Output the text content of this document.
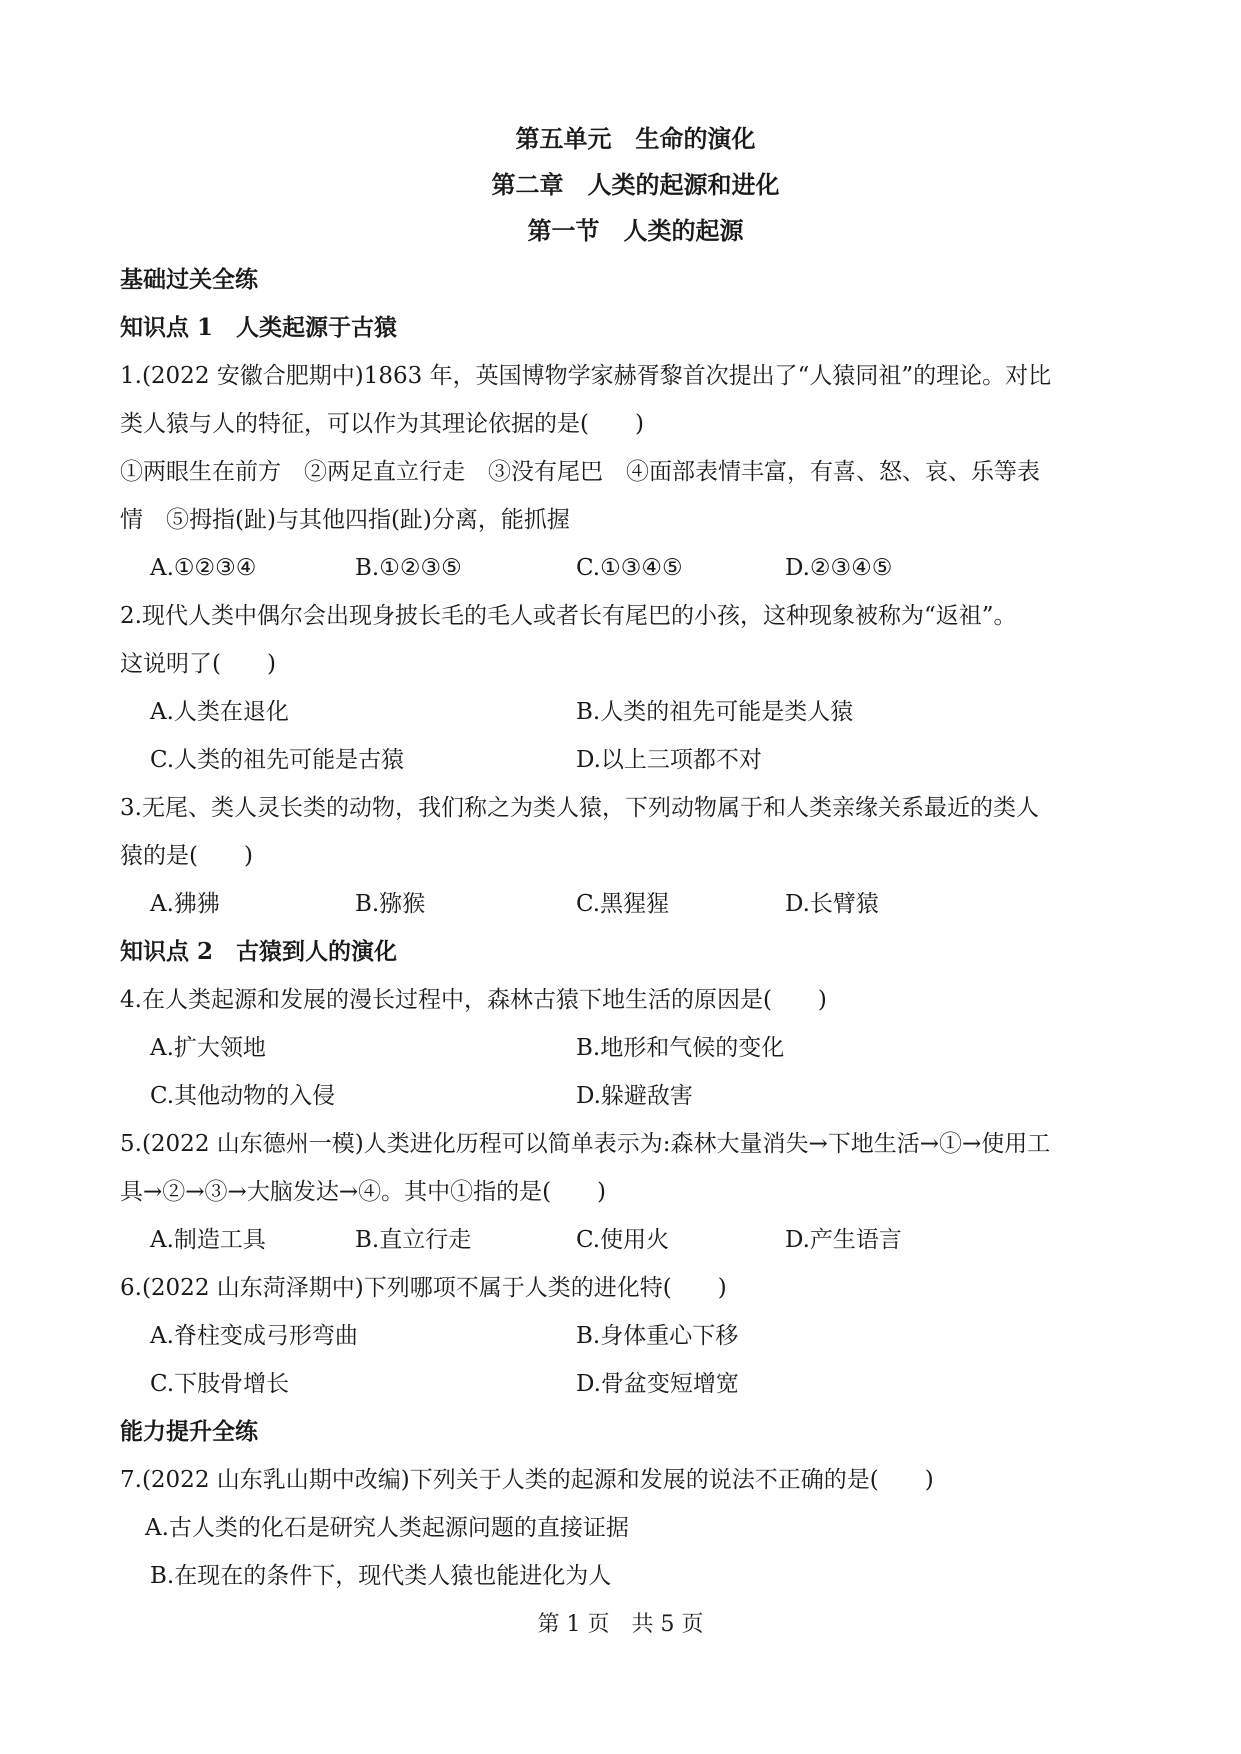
第五单元　生命的演化
第二章　人类的起源和进化
第一节　人类的起源
基础过关全练
知识点 1　人类起源于古猿
1.(2022 安徽合肥期中)1863 年，英国博物学家赫胥黎首次提出了“人猿同祖”的理论。对比
类人猿与人的特征，可以作为其理论依据的是(　　)
①两眼生在前方　②两足直立行走　③没有尾巴　④面部表情丰富，有喜、怒、哀、乐等表
情　⑤拇指(趾)与其他四指(趾)分离，能抓握
A.①②③④	B.①②③⑤	C.①③④⑤	D.②③④⑤
2.现代人类中偶尔会出现身披长毛的毛人或者长有尾巴的小孩，这种现象被称为“返祖”。
这说明了(　　)
A.人类在退化	B.人类的祖先可能是类人猿
C.人类的祖先可能是古猿	D.以上三项都不对
3.无尾、类人灵长类的动物，我们称之为类人猿，下列动物属于和人类亲缘关系最近的类人
猿的是(　　)
A.狒狒	B.猕猴	C.黑猩猩	D.长臂猿
知识点 2　古猿到人的演化
4.在人类起源和发展的漫长过程中，森林古猿下地生活的原因是(　　)
A.扩大领地	B.地形和气候的变化
C.其他动物的入侵	D.躲避敌害
5.(2022 山东德州一模)人类进化历程可以简单表示为:森林大量消失→下地生活→①→使用工
具→②→③→大脑发达→④。其中①指的是(　　)
A.制造工具	B.直立行走	C.使用火	D.产生语言
6.(2022 山东菏泽期中)下列哪项不属于人类的进化特(　　)
A.脊柱变成弓形弯曲	B.身体重心下移
C.下肢骨增长	D.骨盆变短增宽
能力提升全练
7.(2022 山东乳山期中改编)下列关于人类的起源和发展的说法不正确的是(　　)
A.古人类的化石是研究人类起源问题的直接证据
B.在现在的条件下，现代类人猿也能进化为人
第 1 页　共 5 页
